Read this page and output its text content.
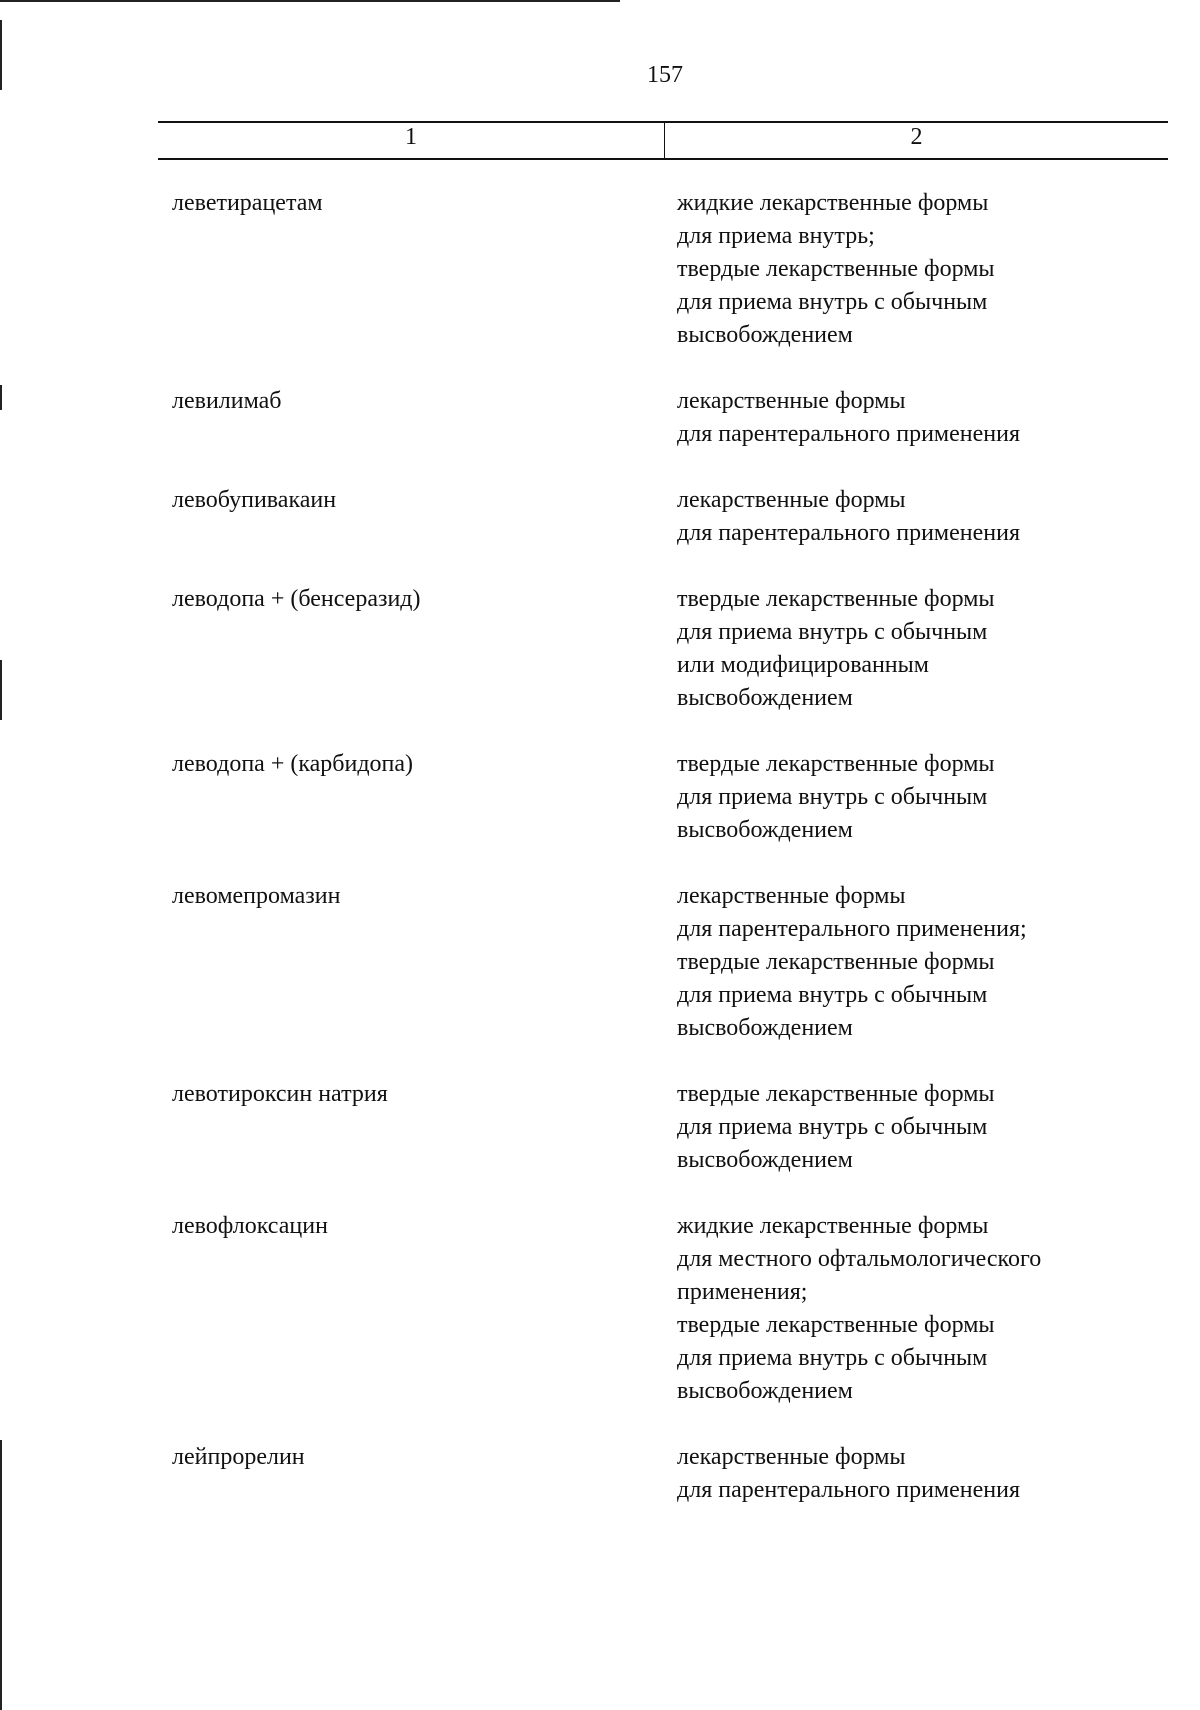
157
1	2
леветирацетам	жидкие лекарственные формы
для приема внутрь;
твердые лекарственные формы
для приема внутрь с обычным
высвобождением
левилимаб	лекарственные формы
для парентерального применения
левобупивакаин	лекарственные формы
для парентерального применения
леводопа + (бенсеразид)	твердые лекарственные формы
для приема внутрь с обычным
или модифицированным
высвобождением
леводопа + (карбидопа)	твердые лекарственные формы
для приема внутрь с обычным
высвобождением
левомепромазин	лекарственные формы
для парентерального применения;
твердые лекарственные формы
для приема внутрь с обычным
высвобождением
левотироксин натрия	твердые лекарственные формы
для приема внутрь с обычным
высвобождением
левофлоксацин	жидкие лекарственные формы
для местного офтальмологического
применения;
твердые лекарственные формы
для приема внутрь с обычным
высвобождением
лейпрорелин	лекарственные формы
для парентерального применения
